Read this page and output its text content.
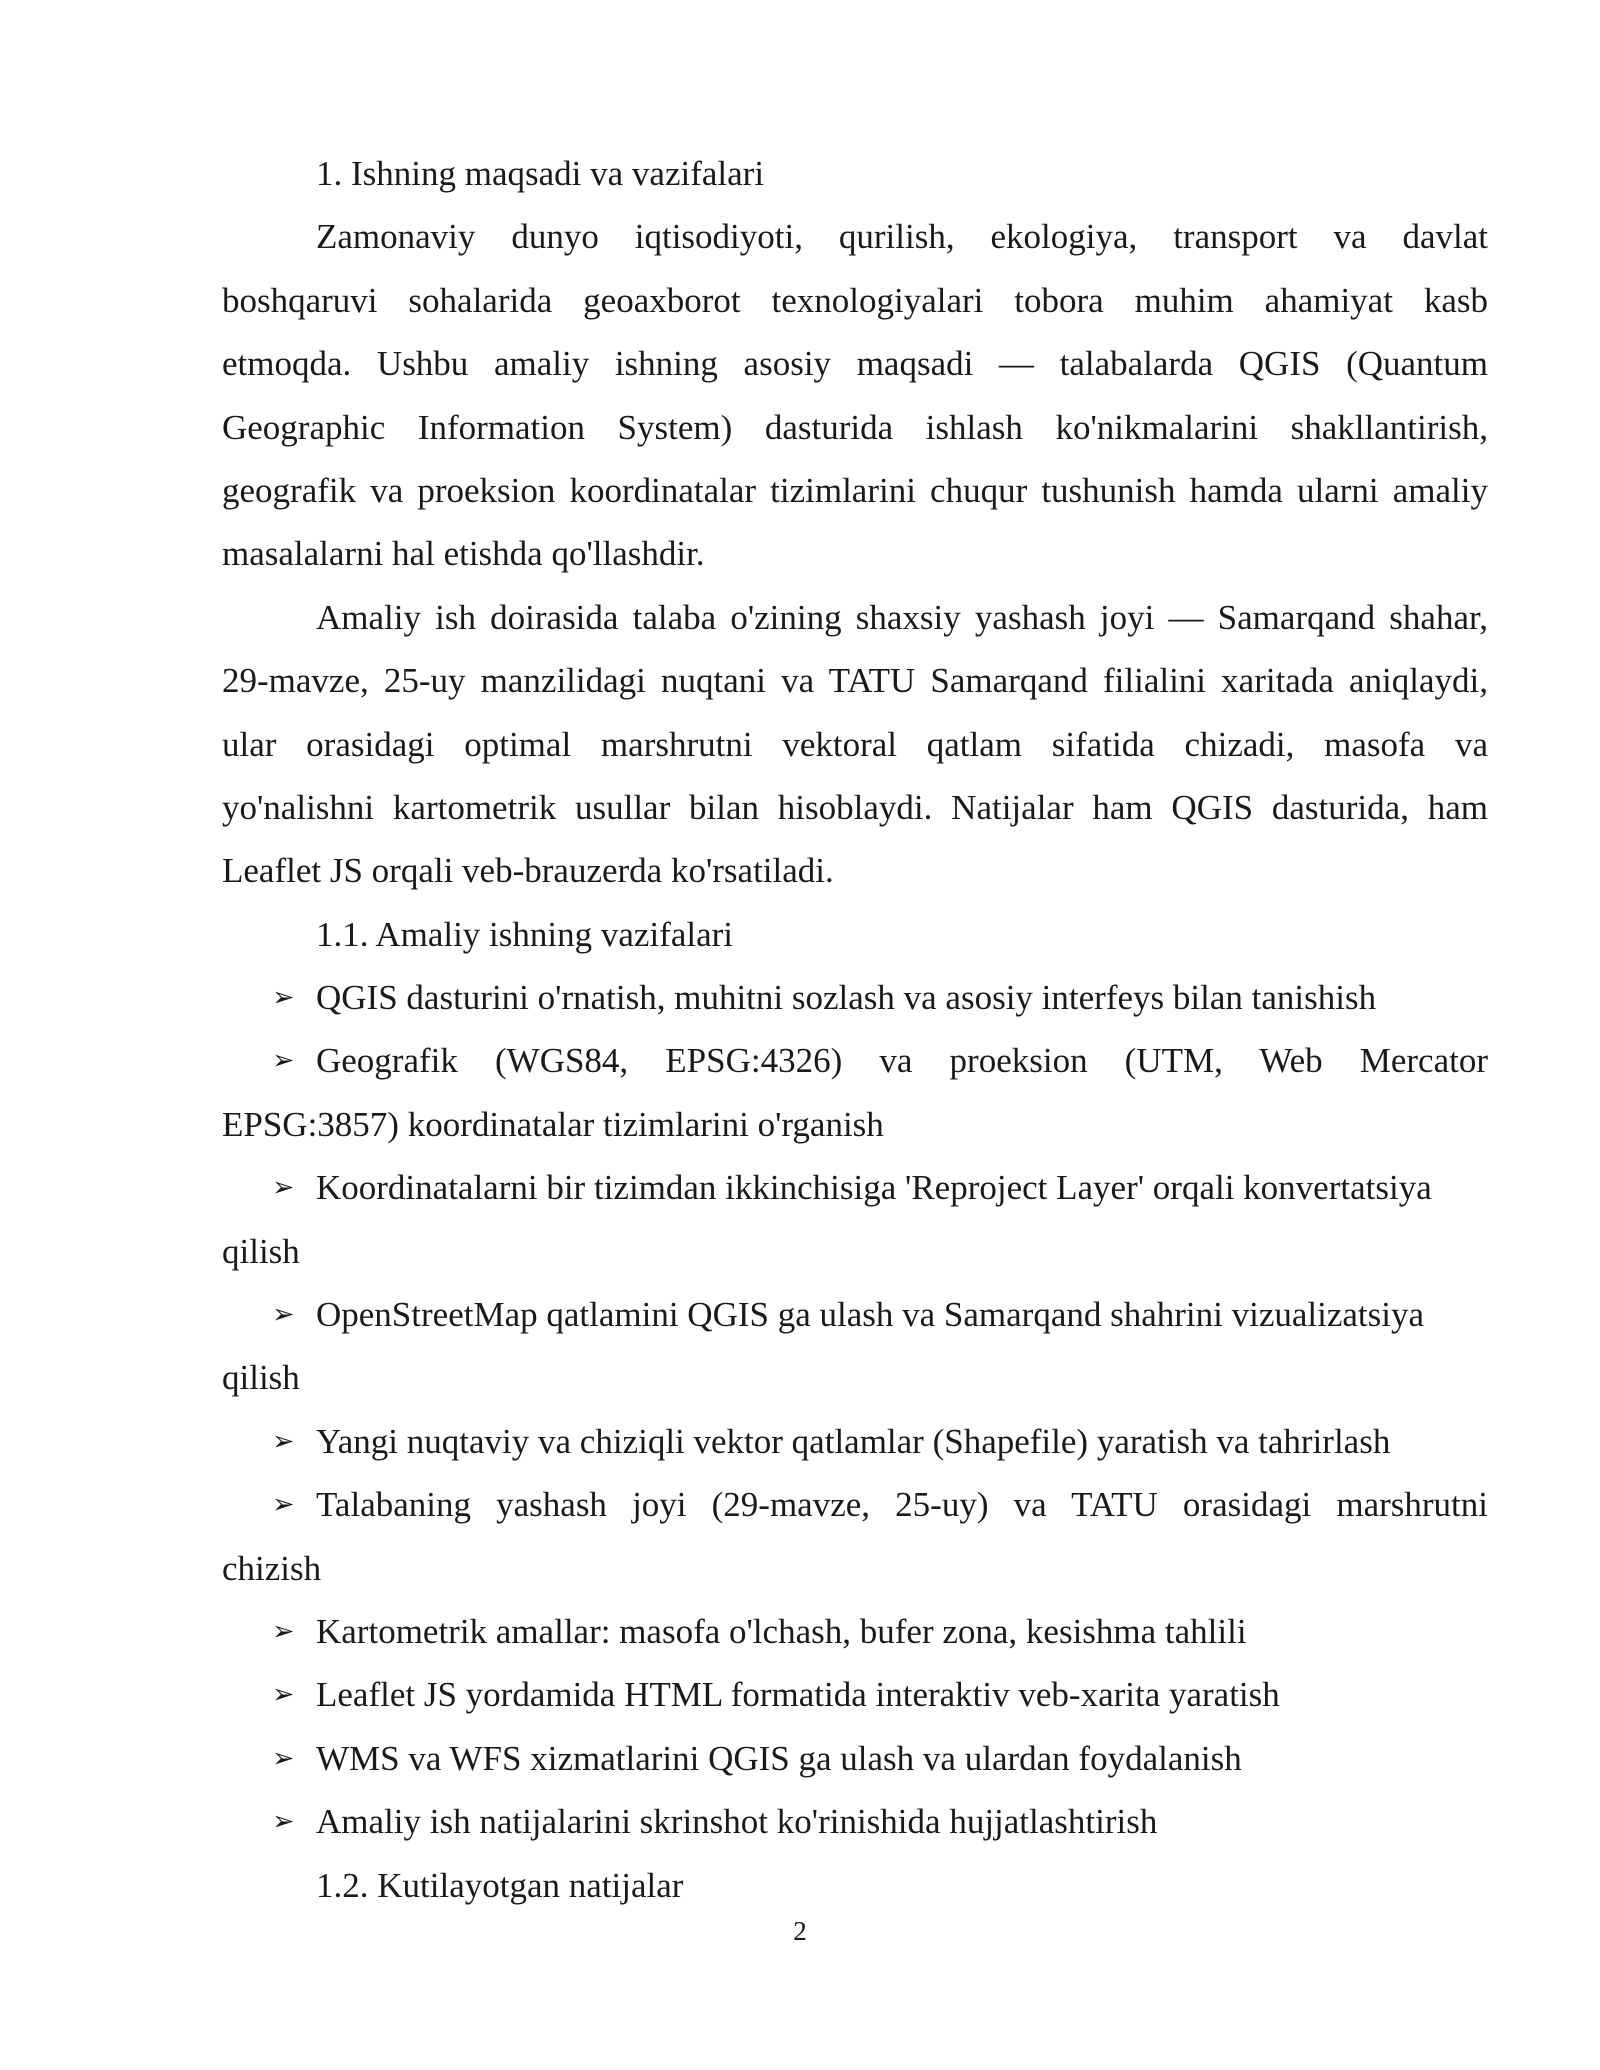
1. Ishning maqsadi va vazifalari
Zamonaviy dunyo iqtisodiyoti, qurilish, ekologiya, transport va davlat
boshqaruvi sohalarida geoaxborot texnologiyalari tobora muhim ahamiyat kasb
etmoqda. Ushbu amaliy ishning asosiy maqsadi — talabalarda QGIS (Quantum
Geographic Information System) dasturida ishlash ko'nikmalarini shakllantirish,
geografik va proeksion koordinatalar tizimlarini chuqur tushunish hamda ularni amaliy
masalalarni hal etishda qo'llashdir.
Amaliy ish doirasida talaba o'zining shaxsiy yashash joyi — Samarqand shahar,
29-mavze, 25-uy manzilidagi nuqtani va TATU Samarqand filialini xaritada aniqlaydi,
ular orasidagi optimal marshrutni vektoral qatlam sifatida chizadi, masofa va
yo'nalishni kartometrik usullar bilan hisoblaydi. Natijalar ham QGIS dasturida, ham
Leaflet JS orqali veb-brauzerda ko'rsatiladi.
1.1. Amaliy ishning vazifalari
➢ QGIS dasturini o'rnatish, muhitni sozlash va asosiy interfeys bilan tanishish
➢ Geografik (WGS84, EPSG:4326) va proeksion (UTM, Web Mercator
EPSG:3857) koordinatalar tizimlarini o'rganish
➢ Koordinatalarni bir tizimdan ikkinchisiga 'Reproject Layer' orqali konvertatsiya
qilish
➢ OpenStreetMap qatlamini QGIS ga ulash va Samarqand shahrini vizualizatsiya
qilish
➢ Yangi nuqtaviy va chiziqli vektor qatlamlar (Shapefile) yaratish va tahrirlash
➢ Talabaning yashash joyi (29-mavze, 25-uy) va TATU orasidagi marshrutni
chizish
➢ Kartometrik amallar: masofa o'lchash, bufer zona, kesishma tahlili
➢ Leaflet JS yordamida HTML formatida interaktiv veb-xarita yaratish
➢ WMS va WFS xizmatlarini QGIS ga ulash va ulardan foydalanish
➢ Amaliy ish natijalarini skrinshot ko'rinishida hujjatlashtirish
1.2. Kutilayotgan natijalar
2
